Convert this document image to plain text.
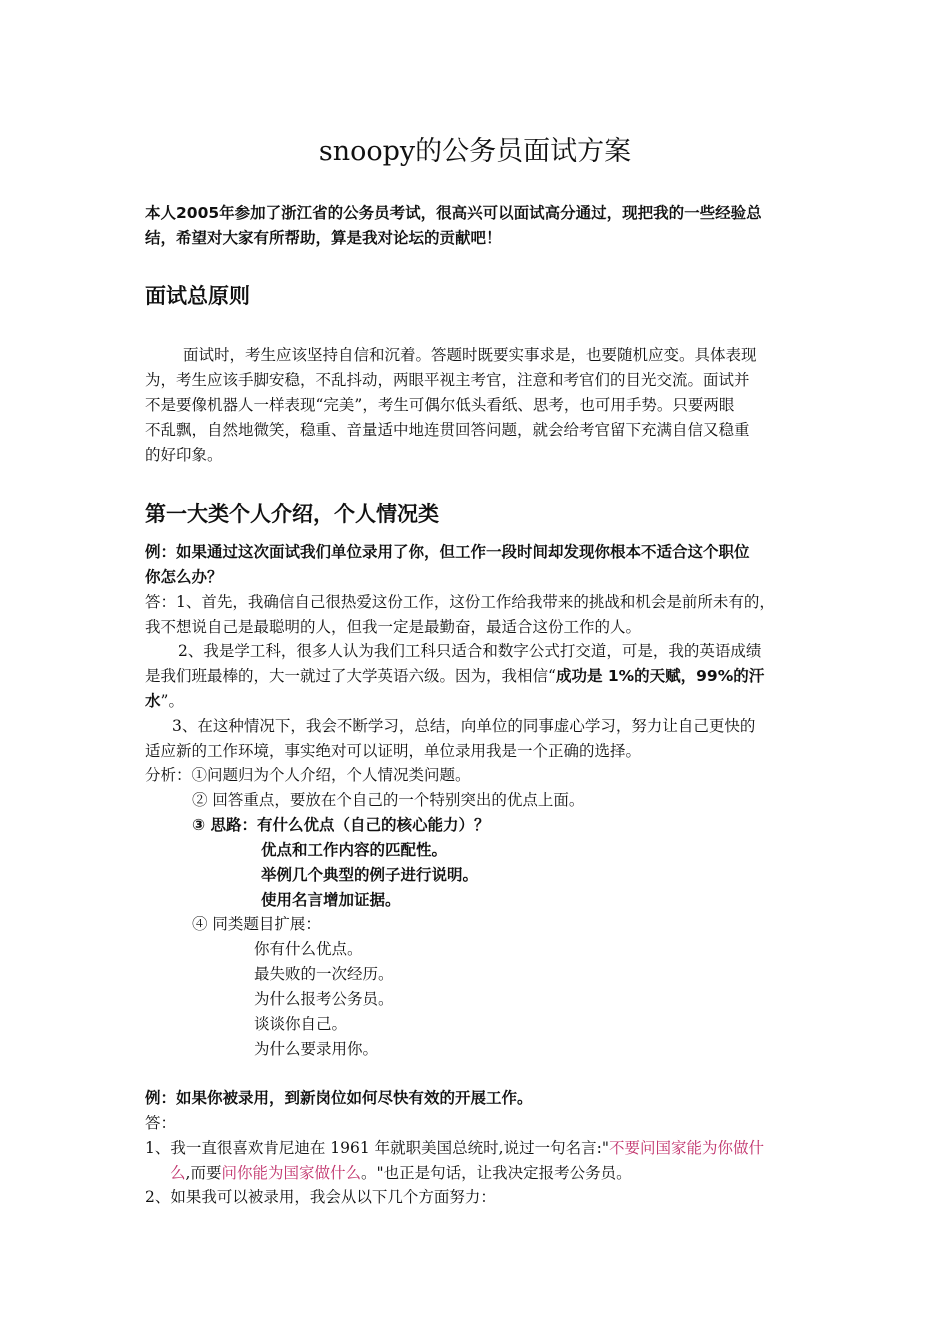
snoopy的公务员面试方案
本人2005年参加了浙江省的公务员考试，很高兴可以面试高分通过，现把我的一些经验总
结，希望对大家有所帮助，算是我对论坛的贡献吧！
面试总原则
面试时，考生应该坚持自信和沉着。答题时既要实事求是，也要随机应变。具体表现
为，考生应该手脚安稳，不乱抖动，两眼平视主考官，注意和考官们的目光交流。面试并
不是要像机器人一样表现“完美”，考生可偶尔低头看纸、思考，也可用手势。只要两眼
不乱飘，自然地微笑，稳重、音量适中地连贯回答问题，就会给考官留下充满自信又稳重
的好印象。
第一大类个人介绍，个人情况类
例：如果通过这次面试我们单位录用了你，但工作一段时间却发现你根本不适合这个职位
你怎么办？
答：1、首先，我确信自己很热爱这份工作，这份工作给我带来的挑战和机会是前所未有的，
我不想说自己是最聪明的人，但我一定是最勤奋，最适合这份工作的人。
2、我是学工科，很多人认为我们工科只适合和数字公式打交道，可是，我的英语成绩
是我们班最棒的，大一就过了大学英语六级。因为，我相信“成功是 1%的天赋，99%的汗
水”。
3、在这种情况下，我会不断学习，总结，向单位的同事虚心学习，努力让自己更快的
适应新的工作环境，事实绝对可以证明，单位录用我是一个正确的选择。
分析：①问题归为个人介绍，个人情况类问题。
② 回答重点，要放在个自己的一个特别突出的优点上面。
③ 思路：有什么优点（自己的核心能力）？
优点和工作内容的匹配性。
举例几个典型的例子进行说明。
使用名言增加证据。
④ 同类题目扩展：
你有什么优点。
最失败的一次经历。
为什么报考公务员。
谈谈你自己。
为什么要录用你。
例：如果你被录用，到新岗位如何尽快有效的开展工作。
答：
1、我一直很喜欢肯尼迪在 1961 年就职美国总统时,说过一句名言:"不要问国家能为你做什
么,而要问你能为国家做什么。"也正是句话，让我决定报考公务员。
2、如果我可以被录用，我会从以下几个方面努力：
